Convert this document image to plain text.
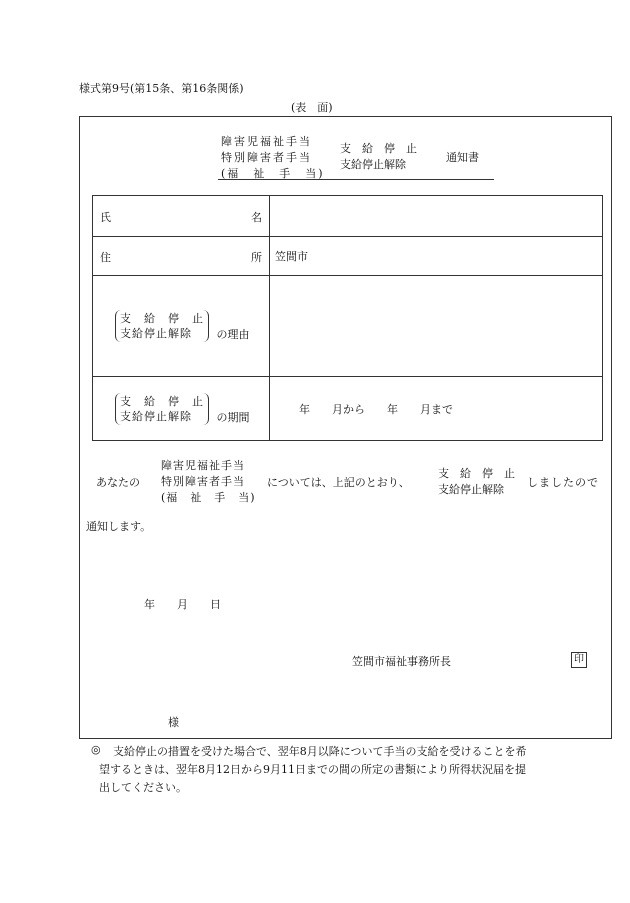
様式第9号(第15条、第16条関係)
(表　面)
障害児福祉手当
特別障害者手当
(福　祉　手　当)
支　給　停　止
支給停止解除
通知書
氏 名	

住 所	笠間市

支　給　停　止
支給停止解除 の理由	

支　給　停　止
支給停止解除 の期間	年　　月から　　年　　月まで
あなたの
障害児福祉手当
特別障害者手当
(福　祉　手　当)
については、上記のとおり、
支　給　停　止
支給停止解除
しましたので
通知します。
年　　月　　日
笠間市福祉事務所長	印
様
◎ 支給停止の措置を受けた場合で、翌年8月以降について手当の支給を受けることを希
望するときは、翌年8月12日から9月11日までの間の所定の書類により所得状況届を提
出してください。
